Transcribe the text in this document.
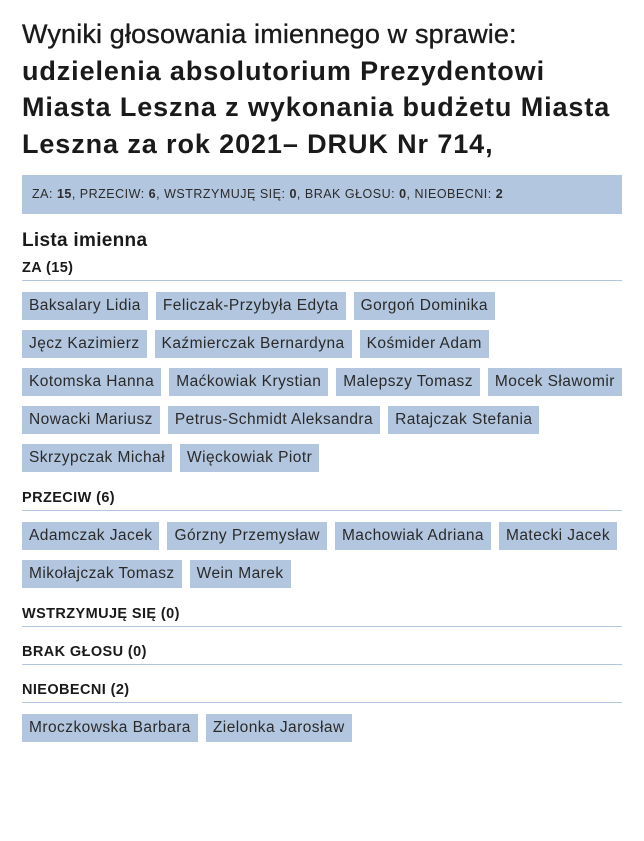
Wyniki głosowania imiennego w sprawie:
udzielenia absolutorium Prezydentowi Miasta Leszna z wykonania budżetu Miasta Leszna za rok 2021– DRUK Nr 714,
ZA: 15, PRZECIW: 6, WSTRZYMUJĘ SIĘ: 0, BRAK GŁOSU: 0, NIEOBECNI: 2
Lista imienna
ZA (15)
Baksalary Lidia	Feliczak-Przybyła Edyta	Gorgoń Dominika
Jęcz Kazimierz	Kaźmierczak Bernardyna	Kośmider Adam
Kotomska Hanna	Maćkowiak Krystian	Malepszy Tomasz	Mocek Sławomir
Nowacki Mariusz	Petrus-Schmidt Aleksandra	Ratajczak Stefania
Skrzypczak Michał	Więckowiak Piotr
PRZECIW (6)
Adamczak Jacek	Górzny Przemysław	Machowiak Adriana	Matecki Jacek
Mikołajczak Tomasz	Wein Marek
WSTRZYMUJĘ SIĘ (0)
BRAK GŁOSU (0)
NIEOBECNI (2)
Mroczkowska Barbara	Zielonka Jarosław
